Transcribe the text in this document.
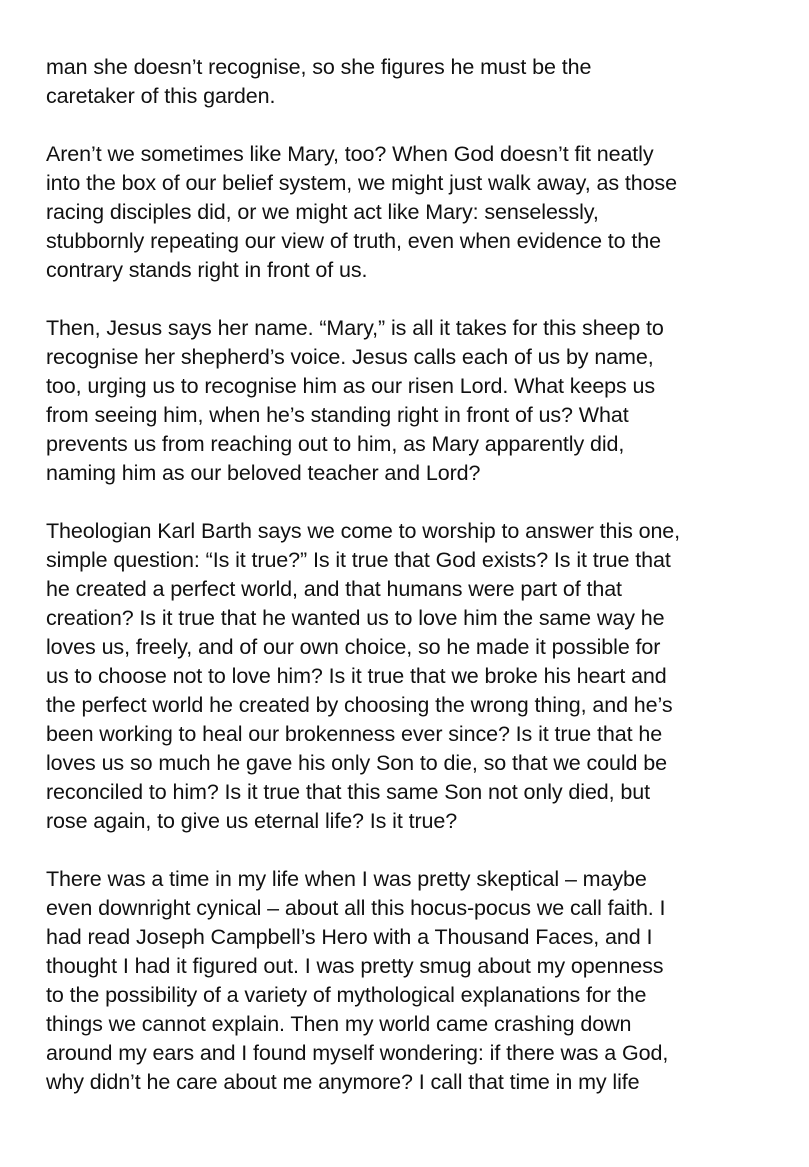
man she doesn’t recognise, so she figures he must be the
caretaker of this garden.

Aren’t we sometimes like Mary, too? When God doesn’t fit neatly
into the box of our belief system, we might just walk away, as those
racing disciples did, or we might act like Mary: senselessly,
stubbornly repeating our view of truth, even when evidence to the
contrary stands right in front of us.

Then, Jesus says her name. “Mary,” is all it takes for this sheep to
recognise her shepherd’s voice. Jesus calls each of us by name,
too, urging us to recognise him as our risen Lord. What keeps us
from seeing him, when he’s standing right in front of us? What
prevents us from reaching out to him, as Mary apparently did,
naming him as our beloved teacher and Lord?

Theologian Karl Barth says we come to worship to answer this one,
simple question: “Is it true?” Is it true that God exists? Is it true that
he created a perfect world, and that humans were part of that
creation? Is it true that he wanted us to love him the same way he
loves us, freely, and of our own choice, so he made it possible for
us to choose not to love him? Is it true that we broke his heart and
the perfect world he created by choosing the wrong thing, and he’s
been working to heal our brokenness ever since? Is it true that he
loves us so much he gave his only Son to die, so that we could be
reconciled to him? Is it true that this same Son not only died, but
rose again, to give us eternal life? Is it true?

There was a time in my life when I was pretty skeptical – maybe
even downright cynical – about all this hocus-pocus we call faith. I
had read Joseph Campbell’s Hero with a Thousand Faces, and I
thought I had it figured out. I was pretty smug about my openness
to the possibility of a variety of mythological explanations for the
things we cannot explain. Then my world came crashing down
around my ears and I found myself wondering: if there was a God,
why didn’t he care about me anymore? I call that time in my life
